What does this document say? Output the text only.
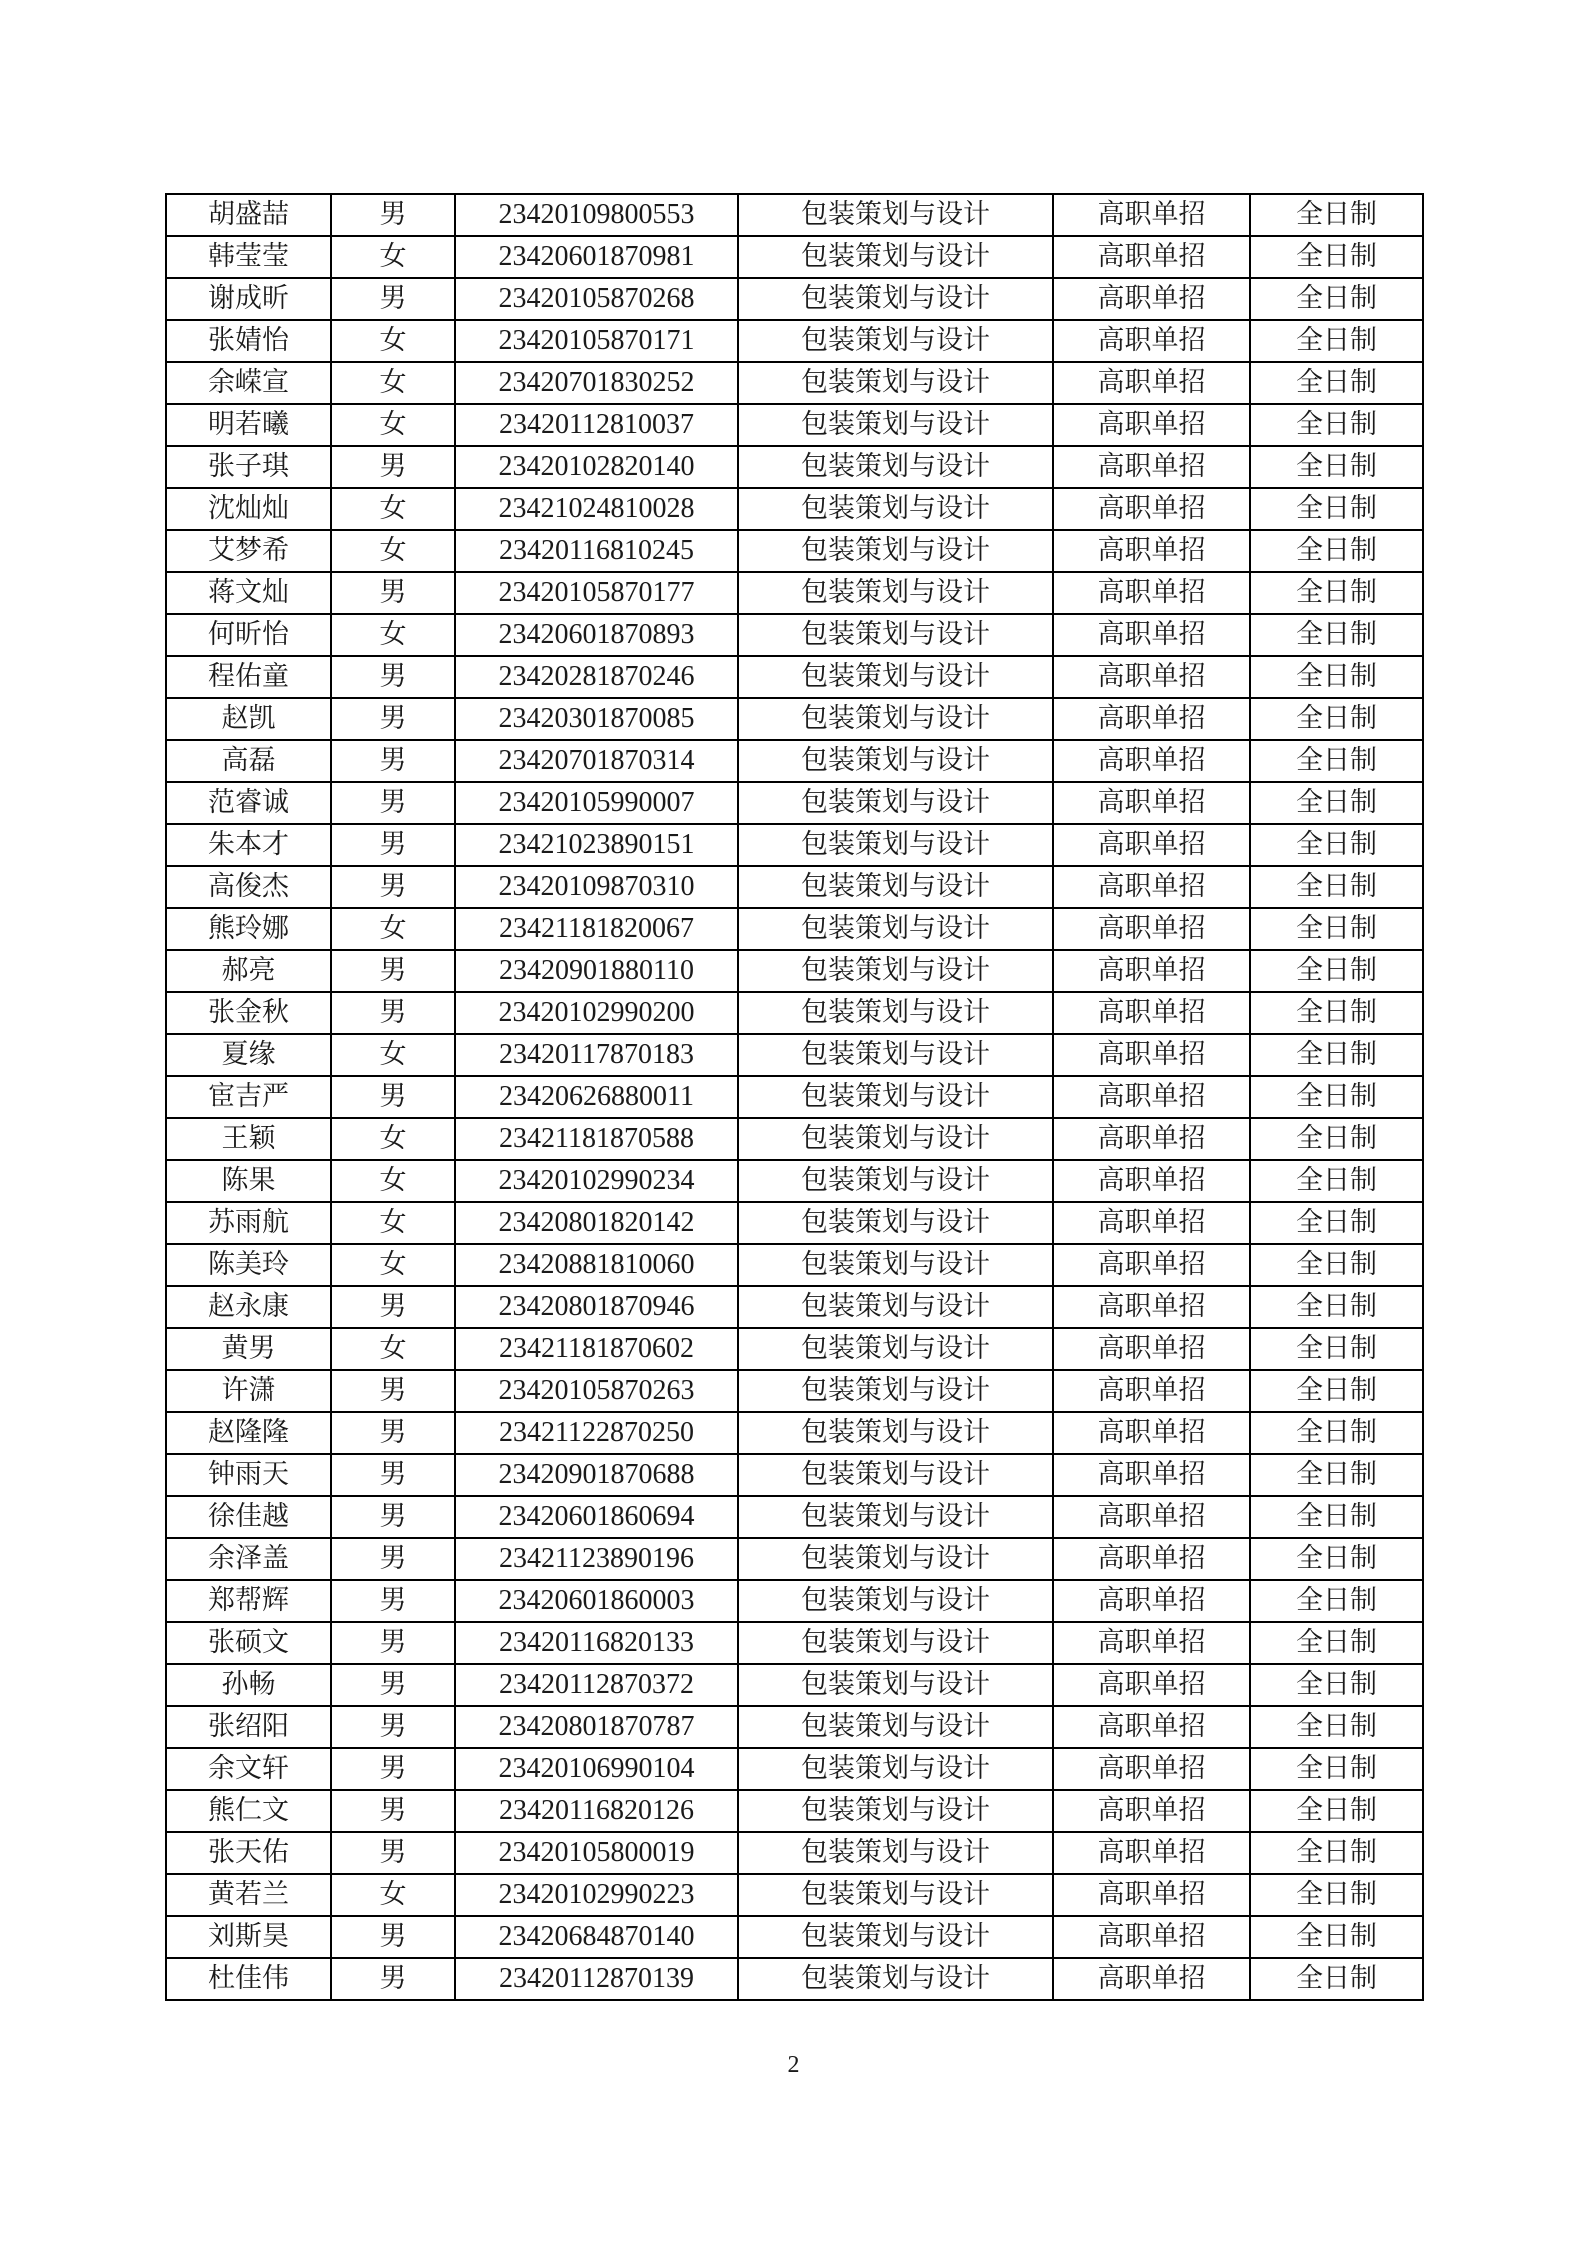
胡盛喆	男	23420109800553	包装策划与设计	高职单招	全日制
韩莹莹	女	23420601870981	包装策划与设计	高职单招	全日制
谢成昕	男	23420105870268	包装策划与设计	高职单招	全日制
张婧怡	女	23420105870171	包装策划与设计	高职单招	全日制
余嵘宣	女	23420701830252	包装策划与设计	高职单招	全日制
明若曦	女	23420112810037	包装策划与设计	高职单招	全日制
张子琪	男	23420102820140	包装策划与设计	高职单招	全日制
沈灿灿	女	23421024810028	包装策划与设计	高职单招	全日制
艾梦希	女	23420116810245	包装策划与设计	高职单招	全日制
蒋文灿	男	23420105870177	包装策划与设计	高职单招	全日制
何昕怡	女	23420601870893	包装策划与设计	高职单招	全日制
程佑童	男	23420281870246	包装策划与设计	高职单招	全日制
赵凯	男	23420301870085	包装策划与设计	高职单招	全日制
高磊	男	23420701870314	包装策划与设计	高职单招	全日制
范睿诚	男	23420105990007	包装策划与设计	高职单招	全日制
朱本才	男	23421023890151	包装策划与设计	高职单招	全日制
高俊杰	男	23420109870310	包装策划与设计	高职单招	全日制
熊玲娜	女	23421181820067	包装策划与设计	高职单招	全日制
郝亮	男	23420901880110	包装策划与设计	高职单招	全日制
张金秋	男	23420102990200	包装策划与设计	高职单招	全日制
夏缘	女	23420117870183	包装策划与设计	高职单招	全日制
宦吉严	男	23420626880011	包装策划与设计	高职单招	全日制
王颖	女	23421181870588	包装策划与设计	高职单招	全日制
陈果	女	23420102990234	包装策划与设计	高职单招	全日制
苏雨航	女	23420801820142	包装策划与设计	高职单招	全日制
陈美玲	女	23420881810060	包装策划与设计	高职单招	全日制
赵永康	男	23420801870946	包装策划与设计	高职单招	全日制
黄男	女	23421181870602	包装策划与设计	高职单招	全日制
许潇	男	23420105870263	包装策划与设计	高职单招	全日制
赵隆隆	男	23421122870250	包装策划与设计	高职单招	全日制
钟雨天	男	23420901870688	包装策划与设计	高职单招	全日制
徐佳越	男	23420601860694	包装策划与设计	高职单招	全日制
余泽盖	男	23421123890196	包装策划与设计	高职单招	全日制
郑帮辉	男	23420601860003	包装策划与设计	高职单招	全日制
张硕文	男	23420116820133	包装策划与设计	高职单招	全日制
孙畅	男	23420112870372	包装策划与设计	高职单招	全日制
张绍阳	男	23420801870787	包装策划与设计	高职单招	全日制
余文轩	男	23420106990104	包装策划与设计	高职单招	全日制
熊仁文	男	23420116820126	包装策划与设计	高职单招	全日制
张天佑	男	23420105800019	包装策划与设计	高职单招	全日制
黄若兰	女	23420102990223	包装策划与设计	高职单招	全日制
刘斯昊	男	23420684870140	包装策划与设计	高职单招	全日制
杜佳伟	男	23420112870139	包装策划与设计	高职单招	全日制
2
